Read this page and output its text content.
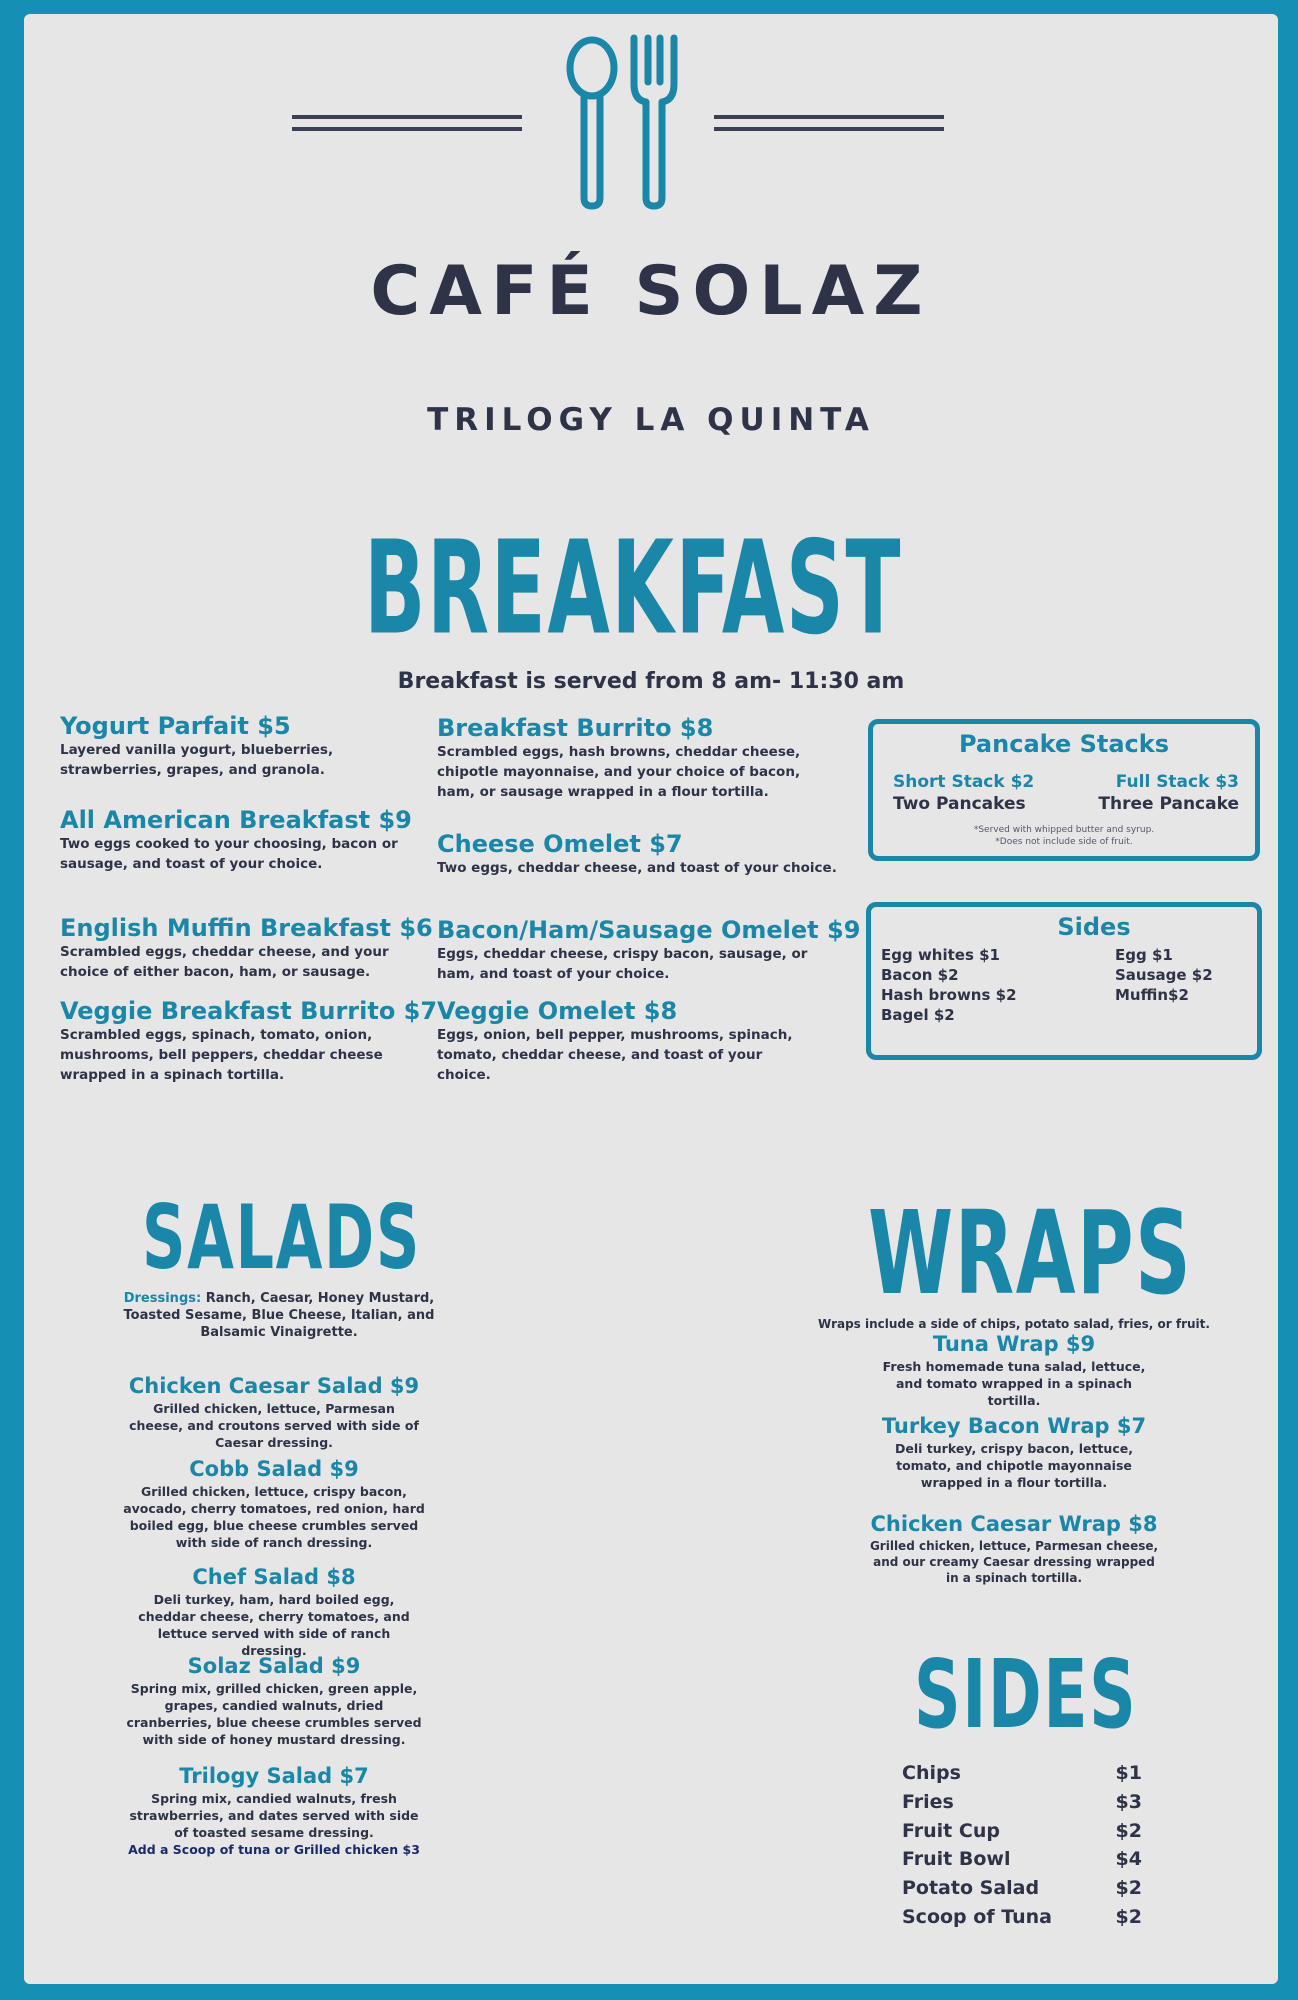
CAFÉ SOLAZ
TRILOGY LA QUINTA
BREAKFAST
Breakfast is served from 8 am- 11:30 am
Yogurt Parfait $5
Layered vanilla yogurt, blueberries, strawberries, grapes, and granola.
All American Breakfast $9
Two eggs cooked to your choosing, bacon or sausage, and toast of your choice.
English Muffin Breakfast $6
Scrambled eggs, cheddar cheese, and your choice of either bacon, ham, or sausage.
Veggie Breakfast Burrito $7
Scrambled eggs, spinach, tomato, onion, mushrooms, bell peppers, cheddar cheese wrapped in a spinach tortilla.
Breakfast Burrito $8
Scrambled eggs, hash browns, cheddar cheese, chipotle mayonnaise, and your choice of bacon, ham, or sausage wrapped in a flour tortilla.
Cheese Omelet $7
Two eggs, cheddar cheese, and toast of your choice.
Bacon/Ham/Sausage Omelet $9
Eggs, cheddar cheese, crispy bacon, sausage, or ham, and toast of your choice.
Veggie Omelet $8
Eggs, onion, bell pepper, mushrooms, spinach, tomato, cheddar cheese, and toast of your choice.
Pancake Stacks
Short Stack $2
Two Pancakes
Full Stack $3
Three Pancake
*Served with whipped butter and syrup.
*Does not include side of fruit.
Sides
Egg whites $1
Bacon $2
Hash browns $2
Bagel $2
Egg $1
Sausage $2
Muffin$2
SALADS
Dressings: Ranch, Caesar, Honey Mustard, Toasted Sesame, Blue Cheese, Italian, and Balsamic Vinaigrette.
Chicken Caesar Salad $9
Grilled chicken, lettuce, Parmesan cheese, and croutons served with side of Caesar dressing.
Cobb Salad $9
Grilled chicken, lettuce, crispy bacon, avocado, cherry tomatoes, red onion, hard boiled egg, blue cheese crumbles served with side of ranch dressing.
Chef Salad $8
Deli turkey, ham, hard boiled egg, cheddar cheese, cherry tomatoes, and lettuce served with side of ranch dressing.
Solaz Salad $9
Spring mix, grilled chicken, green apple, grapes, candied walnuts, dried cranberries, blue cheese crumbles served with side of honey mustard dressing.
Trilogy Salad $7
Spring mix, candied walnuts, fresh strawberries, and dates served with side of toasted sesame dressing.
Add a Scoop of tuna or Grilled chicken $3
WRAPS
Wraps include a side of chips, potato salad, fries, or fruit.
Tuna Wrap $9
Fresh homemade tuna salad, lettuce, and tomato wrapped in a spinach tortilla.
Turkey Bacon Wrap $7
Deli turkey, crispy bacon, lettuce, tomato, and chipotle mayonnaise wrapped in a flour tortilla.
Chicken Caesar Wrap $8
Grilled chicken, lettuce, Parmesan cheese, and our creamy Caesar dressing wrapped in a spinach tortilla.
SIDES
Chips	$1
Fries	$3
Fruit Cup	$2
Fruit Bowl	$4
Potato Salad	$2
Scoop of Tuna	$2
